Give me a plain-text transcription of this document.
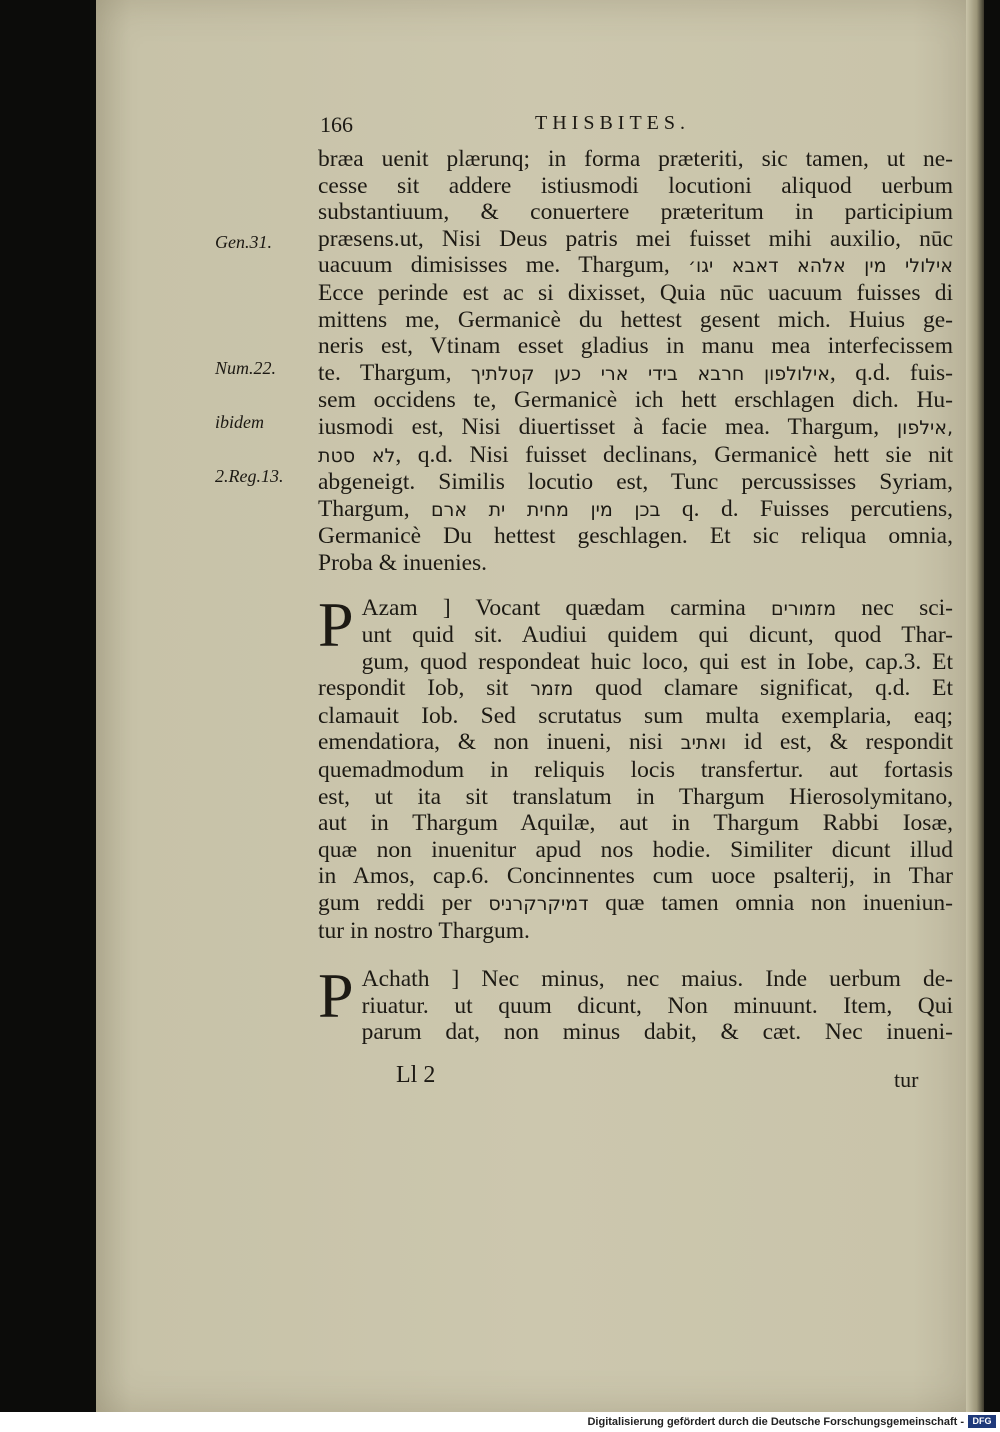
166	THISBITES.
Gen.31.
Num.22.
ibidem
2.Reg.13.

bræa uenit plærunq; in forma præteriti, sic tamen, ut ne-
cesse sit addere istiusmodi locutioni aliquod uerbum
substantiuum, & conuertere præteritum in participium
præsens.ut, Nisi Deus patris mei fuisset mihi auxilio, nūc
uacuum dimisisses me. Thargum, אילולי מין אלהא דאבא יגו׳
Ecce perinde est ac si dixisset, Quia nūc uacuum fuisses di
mittens me, Germanicè du hettest gesent mich. Huius ge-
neris est, Vtinam esset gladius in manu mea interfecissem
te. Thargum, אילולפון חרבא בידי ארי כען קטלתיך, q.d. fuis-
sem occidens te, Germanicè ich hett erschlagen dich. Hu-
iusmodi est, Nisi diuertisset à facie mea. Thargum, אילפון,
לא סטת, q.d. Nisi fuisset declinans, Germanicè hett sie nit
abgeneigt. Similis locutio est, Tunc percussisses Syriam,
Thargum, בכן מין מחית ית ארם q. d. Fuisses percutiens,
Germanicè Du hettest geschlagen. Et sic reliqua omnia,
Proba & inuenies.

P Azam ] Vocant quædam carmina מזמורים nec sci-
unt quid sit. Audiui quidem qui dicunt, quod Thar-
gum, quod respondeat huic loco, qui est in Iobe, cap.3. Et
respondit Iob, sit מזמר quod clamare significat, q.d. Et
clamauit Iob. Sed scrutatus sum multa exemplaria, eaq;
emendatiora, & non inueni, nisi ואתיב id est, & respondit
quemadmodum in reliquis locis transfertur. aut fortasis
est, ut ita sit translatum in Thargum Hierosolymitano,
aut in Thargum Aquilæ, aut in Thargum Rabbi Iosæ,
quæ non inuenitur apud nos hodie. Similiter dicunt illud
in Amos, cap.6. Concinnentes cum uoce psalterij, in Thar
gum reddi per דמיקרקרניס quæ tamen omnia non inueniun-
tur in nostro Thargum.

P Achath ] Nec minus, nec maius. Inde uerbum de-
riuatur. ut quum dicunt, Non minuunt. Item, Qui
parum dat, non minus dabit, & cæt. Nec inueni-

Ll 2	tur
Digitalisierung gefördert durch die Deutsche Forschungsgemeinschaft - DFG
